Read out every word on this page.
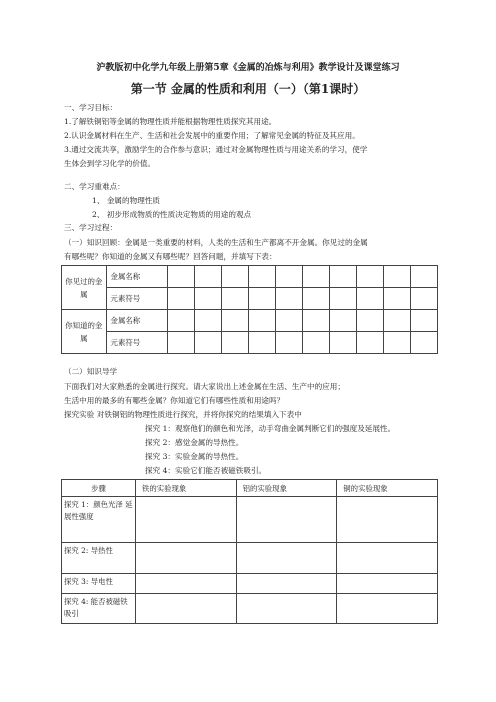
沪教版初中化学九年级上册第5章《金属的冶炼与利用》教学设计及课堂练习
第一节 金属的性质和利用（一）（第1课时）
一、学习目标：
1.了解铁铜铝等金属的物理性质并能根据物理性质探究其用途。
2.认识金属材料在生产、生活和社会发展中的重要作用；了解常见金属的特征及其应用。
3.通过交流共享，激励学生的合作参与意识；通过对金属物理性质与用途关系的学习，使学
生体会到学习化学的价值。
二、学习重难点：
1、 金属的物理性质
2、 初步形成物质的性质决定物质的用途的观点
三、学习过程：
（一）知识回顾：金属是一类重要的材料，人类的生活和生产都离不开金属。你见过的金属
有哪些呢？你知道的金属又有哪些呢？回答问题，并填写下表：
你见过的金属	金属名称										
	元素符号										
你知道的金属	金属名称										
	元素符号										
（二）知识导学
下面我们对大家熟悉的金属进行探究。请大家说出上述金属在生活、生产中的应用；
生活中用的最多的有哪些金属？你知道它们有哪些性质和用途吗？
探究实验 对铁铜铝的物理性质进行探究，并将你探究的结果填入下表中
探究 1：观察他们的颜色和光泽，动手弯曲金属判断它们的强度及延展性。
探究 2：感觉金属的导热性。
探究 3：实验金属的导热性。
探究 4：实验它们能否被磁铁吸引。
步骤	铁的实验现象	铝的实验现象	铜的实验现象
探究 1：颜色光泽 延展性强度			
探究 2: 导热性			
探究 3: 导电性			
探究 4: 能否被磁铁吸引			
